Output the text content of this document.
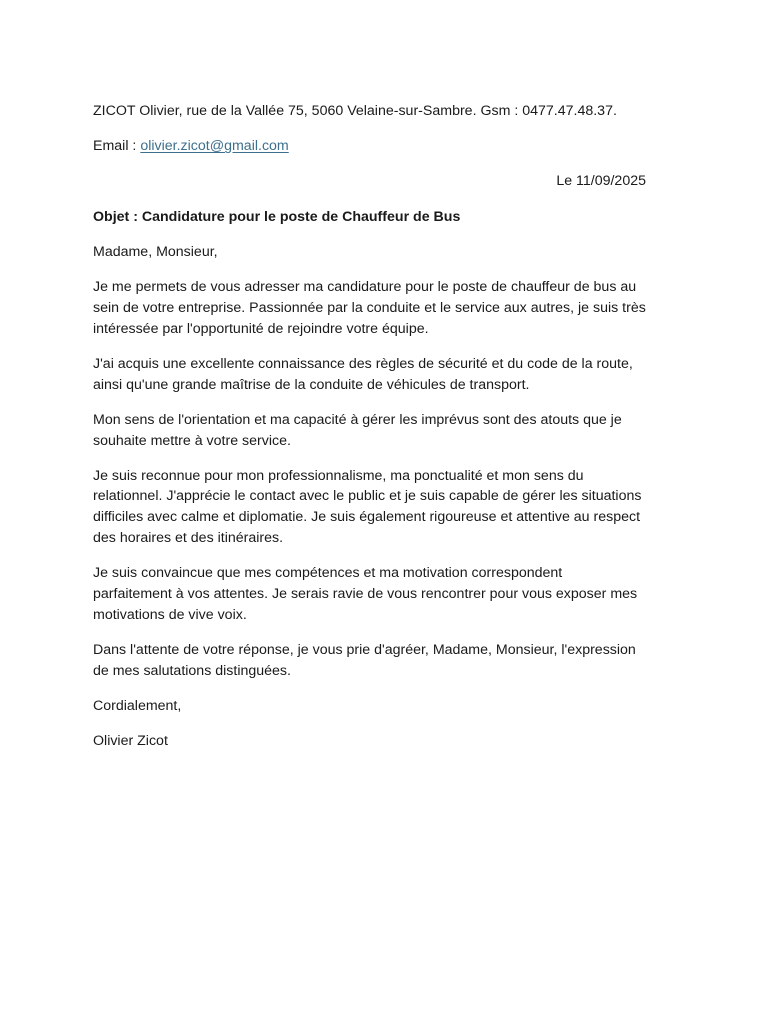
ZICOT Olivier, rue de la Vallée 75, 5060 Velaine-sur-Sambre. Gsm : 0477.47.48.37.

Email : olivier.zicot@gmail.com

Le 11/09/2025

Objet : Candidature pour le poste de Chauffeur de Bus

Madame, Monsieur,

Je me permets de vous adresser ma candidature pour le poste de chauffeur de bus au
sein de votre entreprise. Passionnée par la conduite et le service aux autres, je suis très
intéressée par l'opportunité de rejoindre votre équipe.

J'ai acquis une excellente connaissance des règles de sécurité et du code de la route,
ainsi qu'une grande maîtrise de la conduite de véhicules de transport.

Mon sens de l'orientation et ma capacité à gérer les imprévus sont des atouts que je
souhaite mettre à votre service.

Je suis reconnue pour mon professionnalisme, ma ponctualité et mon sens du
relationnel. J'apprécie le contact avec le public et je suis capable de gérer les situations
difficiles avec calme et diplomatie. Je suis également rigoureuse et attentive au respect
des horaires et des itinéraires.

Je suis convaincue que mes compétences et ma motivation correspondent
parfaitement à vos attentes. Je serais ravie de vous rencontrer pour vous exposer mes
motivations de vive voix.

Dans l'attente de votre réponse, je vous prie d'agréer, Madame, Monsieur, l'expression
de mes salutations distinguées.

Cordialement,

Olivier Zicot
